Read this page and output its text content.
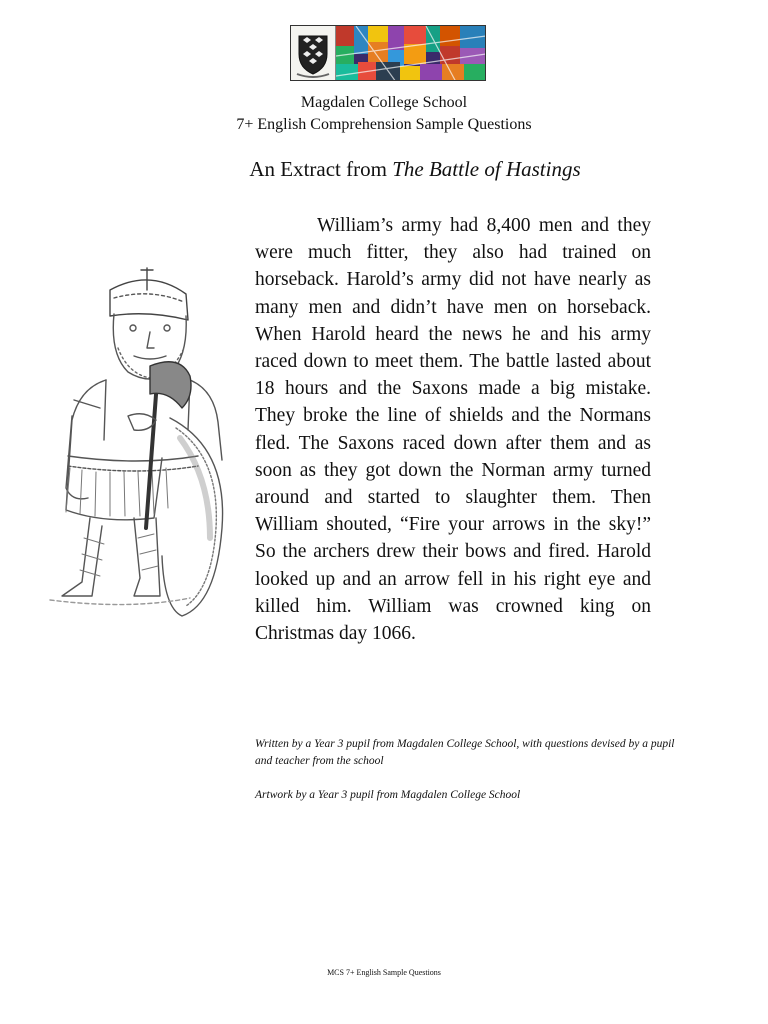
Magdalen College School
7+ English Comprehension Sample Questions
An Extract from The Battle of Hastings

William’s army had 8,400 men and they were much fitter, they also had trained on horseback. Harold’s army did not have nearly as many men and didn’t have men on horseback. When Harold heard the news he and his army raced down to meet them. The battle lasted about 18 hours and the Saxons made a big mistake. They broke the line of shields and the Normans fled. The Saxons raced down after them and as soon as they got down the Norman army turned around and started to slaughter them. Then William shouted, “Fire your arrows in the sky!” So the archers drew their bows and fired. Harold looked up and an arrow fell in his right eye and killed him. William was crowned king on Christmas day 1066.

Written by a Year 3 pupil from Magdalen College School, with questions devised by a pupil and teacher from the school

Artwork by a Year 3 pupil from Magdalen College School

MCS 7+ English Sample Questions
